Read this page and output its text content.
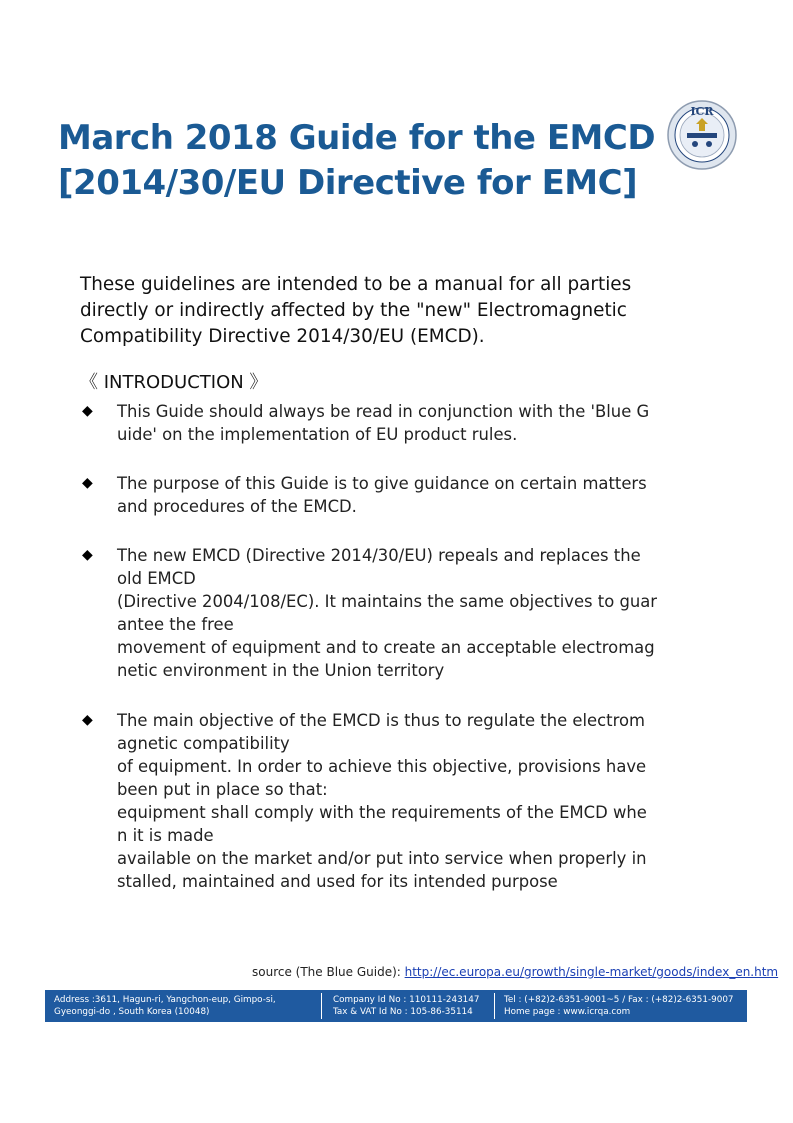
March 2018 Guide for the EMCD
[2014/30/EU Directive for EMC]
ICR

These guidelines are intended to be a manual for all parties
directly or indirectly affected by the "new" Electromagnetic
Compatibility Directive 2014/30/EU (EMCD).

《 INTRODUCTION 》
◆	This Guide should always be read in conjunction with the 'Blue G
uide' on the implementation of EU product rules.
◆	The purpose of this Guide is to give guidance on certain matters
and procedures of the EMCD.
◆	The new EMCD (Directive 2014/30/EU) repeals and replaces the
old EMCD
(Directive 2004/108/EC). It maintains the same objectives to guar
antee the free
movement of equipment and to create an acceptable electromag
netic environment in the Union territory
◆	The main objective of the EMCD is thus to regulate the electrom
agnetic compatibility
of equipment. In order to achieve this objective, provisions have
been put in place so that:
equipment shall comply with the requirements of the EMCD whe
n it is made
available on the market and/or put into service when properly in
stalled, maintained and used for its intended purpose
source (The Blue Guide): http://ec.europa.eu/growth/single-market/goods/index_en.htm
Address :3611, Hagun-ri, Yangchon-eup, Gimpo-si,
Gyeonggi-do , South Korea (10048)
Company Id No : 110111-243147
Tax & VAT Id No : 105-86-35114
Tel : (+82)2-6351-9001~5 / Fax : (+82)2-6351-9007
Home page : www.icrqa.com
